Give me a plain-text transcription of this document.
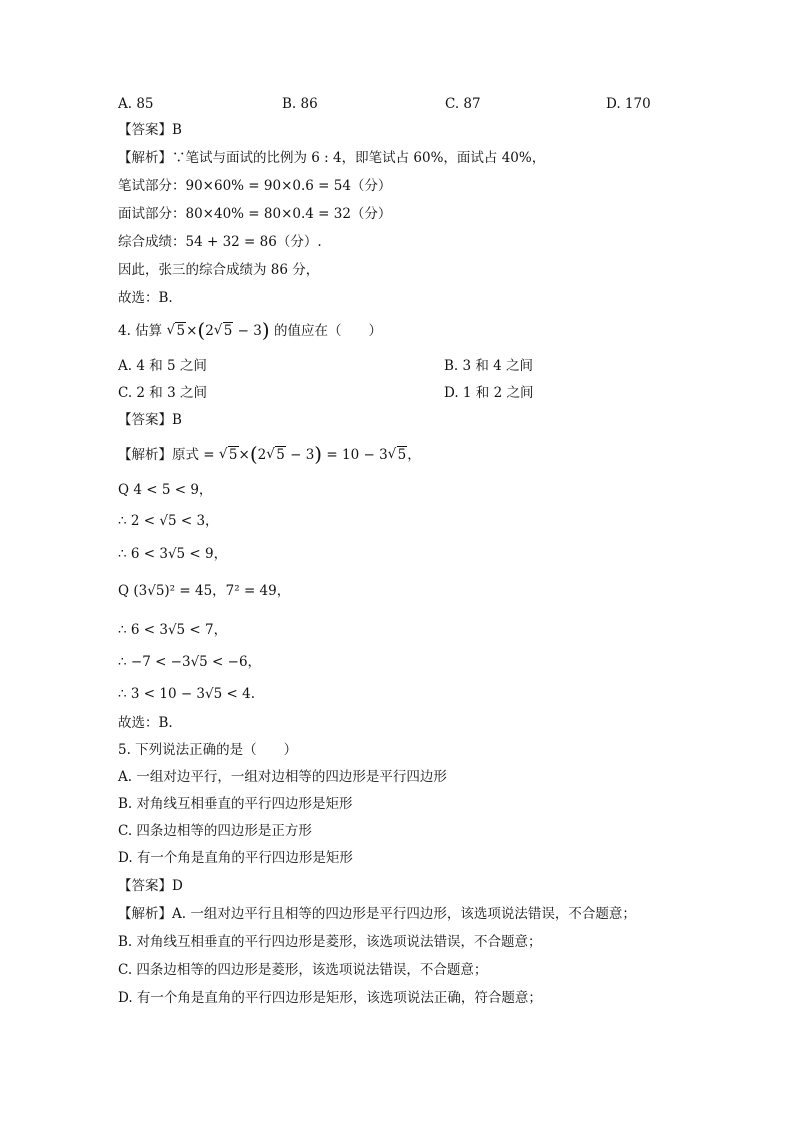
A. 85	B. 86	C. 87	D. 170
【答案】B
【解析】∵笔试与面试的比例为 6 : 4，即笔试占 60%，面试占 40%，
笔试部分：90×60% = 90×0.6 = 54（分）
面试部分：80×40% = 80×0.4 = 32（分）
综合成绩：54 + 32 = 86（分）.
因此，张三的综合成绩为 86 分，
故选：B.
4. 估算 √ 5×(2 √ 5 − 3) 的值应在（　　）
A. 4 和 5 之间	B. 3 和 4 之间
C. 2 和 3 之间	D. 1 和 2 之间
【答案】B
【解析】原式 = √ 5×(2 √ 5 − 3) = 10 − 3 √ 5，
Q 4 < 5 < 9，
∴ 2 < √5 < 3，
∴ 6 < 3√5 < 9，
Q (3√5)² = 45，7² = 49，
∴ 6 < 3√5 < 7，
∴ −7 < −3√5 < −6，
∴ 3 < 10 − 3√5 < 4.
故选：B.
5. 下列说法正确的是（　　）
A. 一组对边平行，一组对边相等的四边形是平行四边形
B. 对角线互相垂直的平行四边形是矩形
C. 四条边相等的四边形是正方形
D. 有一个角是直角的平行四边形是矩形
【答案】D
【解析】A. 一组对边平行且相等的四边形是平行四边形，该选项说法错误，不合题意；
B. 对角线互相垂直的平行四边形是菱形，该选项说法错误，不合题意；
C. 四条边相等的四边形是菱形，该选项说法错误，不合题意；
D. 有一个角是直角的平行四边形是矩形，该选项说法正确，符合题意；
